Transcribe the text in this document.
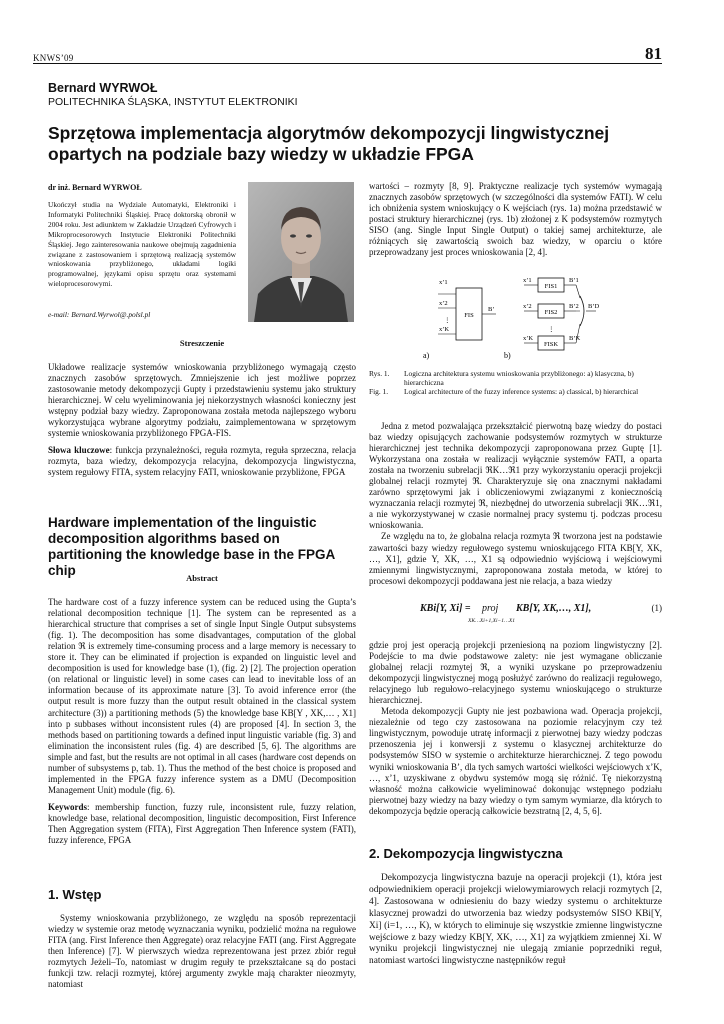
KNWS’09	81
Bernard WYRWOŁ
POLITECHNIKA ŚLĄSKA, INSTYTUT ELEKTRONIKI
Sprzętowa implementacja algorytmów dekompozycji lingwistycznej opartych na podziale bazy wiedzy w układzie FPGA
dr inż. Bernard WYRWOŁ
Ukończył studia na Wydziale Automatyki, Elektroniki i Informatyki Politechniki Śląskiej. Pracę doktorską obronił w 2004 roku. Jest adiunktem w Zakładzie Urządzeń Cyfrowych i Mikroprocesorowych Instytucie Elektroniki Politechniki Śląskiej. Jego zainteresowania naukowe obejmują zagadnienia związane z zastosowaniem i sprzętową realizacją systemów wnioskowania przybliżonego, układami logiki programowalnej, językami opisu sprzętu oraz systemami wieloprocesorowymi.
e-mail: Bernard.Wyrwol@.polsl.pl
Streszczenie

Układowe realizacje systemów wnioskowania przybliżonego wymagają często znacznych zasobów sprzętowych. Zmniejszenie ich jest możliwe poprzez zastosowanie metody dekompozycji Gupty i przedstawieniu systemu jako struktury hierarchicznej. W celu wyeliminowania jej niekorzystnych własności konieczny jest wstępny podział bazy wiedzy. Zaproponowana została metoda najlepszego wyboru wykorzystująca wybrane algorytmy podziału, zaimplementowana w sprzętowym systemie wnioskowania przybliżonego FPGA-FIS.

Słowa kluczowe: funkcja przynależności, reguła rozmyta, reguła sprzeczna, relacja rozmyta, baza wiedzy, dekompozycja relacyjna, dekompozycja lingwistyczna, system regułowy FITA, system relacyjny FATI, wnioskowanie przybliżone, FPGA

Hardware implementation of the linguistic decomposition algorithms based on partitioning the knowledge base in the FPGA chip	Abstract

The hardware cost of a fuzzy inference system can be reduced using the Gupta’s relational decomposition technique [1]. The system can be represented as a hierarchical structure that comprises a set of single Input Single Output subsystems (fig. 1). The decomposition has some disadvantages, computation of the global relation ℜ is extremely time-consuming process and a large memory is necessary to store it. They can be eliminated if projection is expanded on linguistic level and decomposition is used for knowledge base (1), (fig. 2) [2]. The projection operation (on relational or linguistic level) in some cases can lead to inevitable loss of an information because of its approximate nature [3]. To avoid inference error (the output result is more fuzzy than the output result obtained in the classical system architecture (3)) a partitioning methods (5) the knowledge base KB[Y , XK,… , X1] into p subbases without inconsistent rules (4) are proposed [4]. In section 3, the methods based on partitioning towards a defined input linguistic variable (fig. 3) and elimination the inconsistent rules (fig. 4) are described [5, 6]. The algorithms are simple and fast, but the results are not optimal in all cases (hardware cost depends on number of subsystems p, tab. 1). Thus the method of the best choice is proposed and implemented in the FPGA fuzzy inference system as a DMU (Decomposition Management Unit) module (fig. 6).

Keywords: membership function, fuzzy rule, inconsistent rule, fuzzy relation, knowledge base, relational decomposition, linguistic decomposition, First Inference Then Aggregation system (FITA), First Aggregation Then Inference system (FATI), fuzzy inference, FPGA

1. Wstęp

Systemy wnioskowania przybliżonego, ze względu na sposób reprezentacji wiedzy w systemie oraz metodę wyznaczania wyniku, podzielić można na regułowe FITA (ang. First Inference then Aggregate) oraz relacyjne FATI (ang. First Aggregate then Inference) [7]. W pierwszych wiedza reprezentowana jest przez zbiór reguł rozmytych Jeżeli–To, natomiast w drugim reguły te przekształcane są do postaci funkcji tzw. relacji rozmytej, której argumenty zwykle mają charakter nieozmyty, natomiast

wartości – rozmyty [8, 9]. Praktyczne realizacje tych systemów wymagają znacznych zasobów sprzętowych (w szczególności dla systemów FATI). W celu ich obniżenia system wnioskujący o K wejściach (rys. 1a) można przedstawić w postaci struktury hierarchicznej (rys. 1b) złożonej z K podsystemów rozmytych SISO (ang. Single Input Single Output) o takiej samej architekturze, ale różniących się zawartością swoich baz wiedzy, w oparciu o które przeprowadzany jest proces wnioskowania [2, 4].

FIS
x’1
x’2
⋮
x’K
B’
a)
FIS1
FIS2
FISK
x’1
x’2
⋮
x’K
B’1
B’2
B’K
B’D
b)
Rys. 1.	Logiczna architektura systemu wnioskowania przybliżonego: a) klasyczna, b) hierarchiczna
Fig. 1.	Logical architecture of the fuzzy inference systems: a) classical, b) hierarchical

Jedna z metod pozwalająca przekształcić pierwotną bazę wiedzy do postaci baz wiedzy opisujących zachowanie podsystemów rozmytych w strukturze hierarchicznej jest technika dekompozycji zaproponowana przez Guptę [1]. Wykorzystana ona została w realizacji wyłącznie systemów FATI, a oparta została na tworzeniu subrelacji ℜK…ℜ1 przy wykorzystaniu operacji projekcji globalnej relacji rozmytej ℜ. Charakteryzuje się ona znacznymi nakładami zarówno sprzętowymi jak i obliczeniowymi związanymi z koniecznością wyznaczania relacji rozmytej ℜ, niezbędnej do utworzenia subrelacji ℜK…ℜ1, a nie wykorzystywanej w czasie normalnej pracy systemu tj. podczas procesu wnioskowania.

Ze względu na to, że globalna relacja rozmyta ℜ tworzona jest na podstawie zawartości bazy wiedzy regułowego systemu wnioskującego FITA KB[Y, XK, …, X1], gdzie Y, XK, …, X1 są odpowiednio wyjściową i wejściowymi zmiennymi lingwistycznymi, zaproponowana została metoda, w której to procesowi dekompozycji poddawana jest nie relacja, a baza wiedzy

KBi[Y, Xi] = proj
XK…Xi+1,Xi−1…X1
KB[Y, XK,…, X1],	(1)

gdzie proj jest operacją projekcji przeniesioną na poziom lingwistyczny [2]. Podejście to ma dwie podstawowe zalety: nie jest wymagane obliczanie globalnej relacji rozmytej ℜ, a wyniki uzyskane po przeprowadzeniu dekompozycji lingwistycznej mogą posłużyć zarówno do realizacji regułowego, relacyjnego lub regułowo–relacyjnego systemu wnioskującego o strukturze hierarchicznej.

Metoda dekompozycji Gupty nie jest pozbawiona wad. Operacja projekcji, niezależnie od tego czy zastosowana na poziomie relacyjnym czy też lingwistycznym, powoduje utratę informacji z pierwotnej bazy wiedzy podczas przenoszenia jej i konwersji z systemu o klasycznej architekturze do podsystemów SISO w systemie o architekturze hierarchicznej. Z tego powodu wyniki wnioskowania B’, dla tych samych wartości wielkości wejściowych x’K, …, x’1, uzyskiwane z obydwu systemów mogą się różnić. Tę niekorzystną własność można całkowicie wyeliminować dokonując wstępnego podziału pierwotnej bazy wiedzy na bazy wiedzy o tym samym wymiarze, dla których to dekompozycja będzie operacją całkowicie bezstratną [2, 4, 5, 6].

2. Dekompozycja lingwistyczna

Dekompozycja lingwistyczna bazuje na operacji projekcji (1), która jest odpowiednikiem operacji projekcji wielowymiarowych relacji rozmytych [2, 4]. Zastosowana w odniesieniu do bazy wiedzy systemu o architekturze klasycznej prowadzi do utworzenia baz wiedzy podsystemów SISO KBi[Y, Xi] (i=1, …, K), w których to eliminuje się wszystkie zmienne lingwistyczne wejściowe z bazy wiedzy KB[Y, XK, …, X1] za wyjątkiem zmiennej Xi. W wyniku projekcji lingwistycznej nie ulegają zmianie poprzedniki reguł, natomiast wartości lingwistyczne następników reguł
